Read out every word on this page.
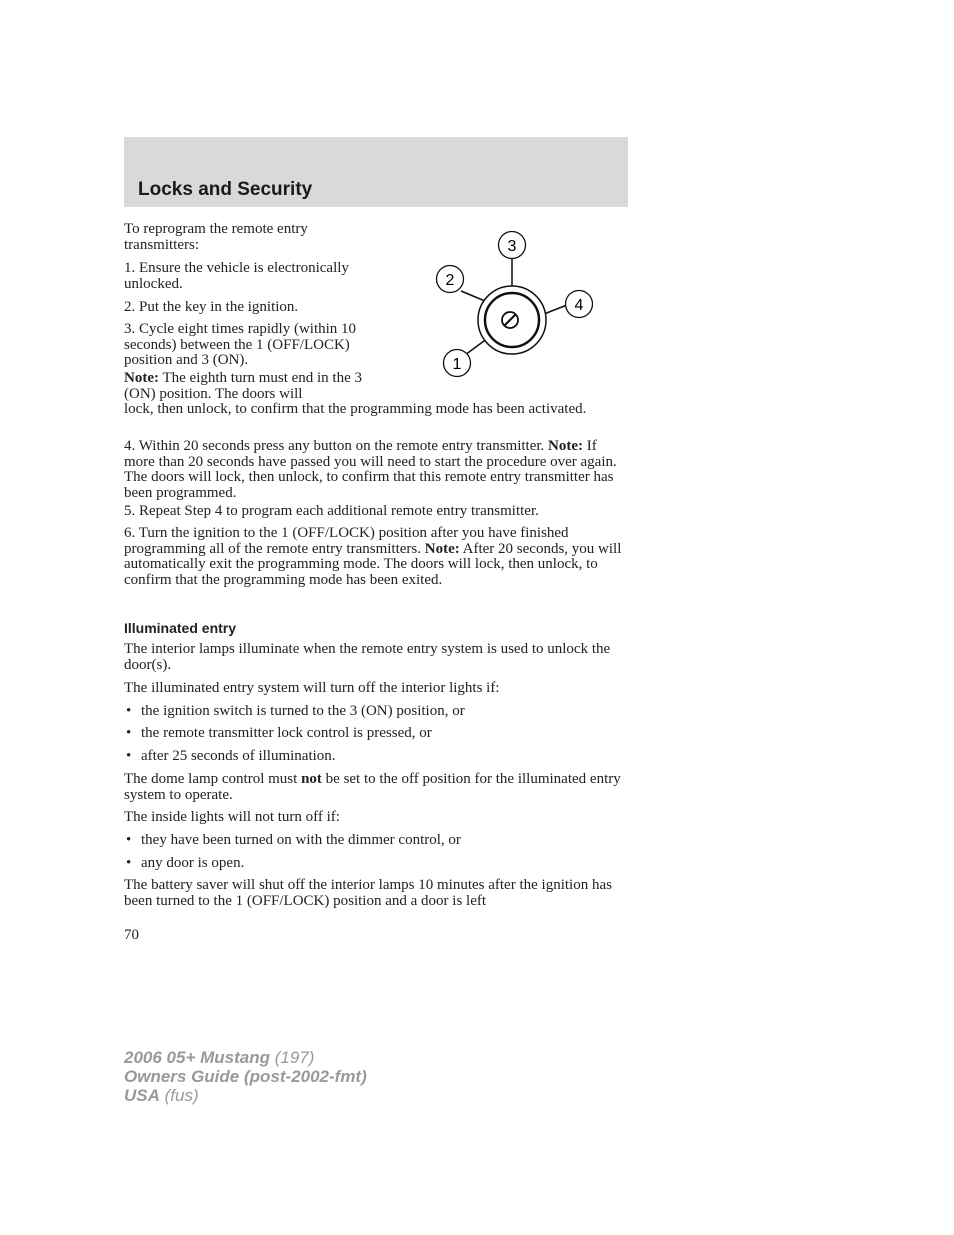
Locks and Security

To reprogram the remote entry transmitters:

1. Ensure the vehicle is electronically unlocked.

2. Put the key in the ignition.

3. Cycle eight times rapidly (within 10 seconds) between the 1 (OFF/LOCK) position and 3 (ON).

Note: The eighth turn must end in the 3 (ON) position. The doors will
lock, then unlock, to confirm that the programming mode has been activated.

4. Within 20 seconds press any button on the remote entry transmitter. Note: If more than 20 seconds have passed you will need to start the procedure over again. The doors will lock, then unlock, to confirm that this remote entry transmitter has been programmed.

5. Repeat Step 4 to program each additional remote entry transmitter.

6. Turn the ignition to the 1 (OFF/LOCK) position after you have finished programming all of the remote entry transmitters. Note: After 20 seconds, you will automatically exit the programming mode. The doors will lock, then unlock, to confirm that the programming mode has been exited.

3
2
4
1
Illuminated entry

The interior lamps illuminate when the remote entry system is used to unlock the door(s).

The illuminated entry system will turn off the interior lights if:

• the ignition switch is turned to the 3 (ON) position, or
• the remote transmitter lock control is pressed, or
• after 25 seconds of illumination.

The dome lamp control must not be set to the off position for the illuminated entry system to operate.

The inside lights will not turn off if:

• they have been turned on with the dimmer control, or
• any door is open.

The battery saver will shut off the interior lamps 10 minutes after the ignition has been turned to the 1 (OFF/LOCK) position and a door is left

70
2006 05+ Mustang (197)
Owners Guide (post-2002-fmt)
USA (fus)
